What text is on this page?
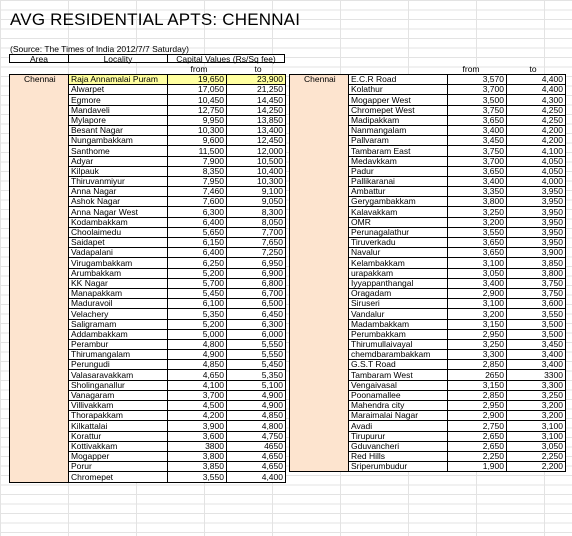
AVG RESIDENTIAL APTS: CHENNAI
(Source: The Times of India 2012/7/7 Saturday)
Area	Locality	Capital Values (Rs/Sq fee)
from	to	from	to
Chennai	Raja Annamalai Puram	19,650	23,900
	Alwarpet	17,050	21,250
	Egmore	10,450	14,450
	Mandaveli	12,750	14,250
	Mylapore	9,950	13,850
	Besant Nagar	10,300	13,400
	Nungambakkam	9,600	12,450
	Santhome	11,500	12,000
	Adyar	7,900	10,500
	Kilpauk	8,350	10,400
	Thiruvanmiyur	7,950	10,300
	Anna Nagar	7,460	9,100
	Ashok Nagar	7,600	9,050
	Anna Nagar West	6,300	8,300
	Kodambakkam	6,400	8,050
	Choolaimedu	5,650	7,700
	Saidapet	6,150	7,650
	Vadapalani	6,400	7,250
	Virugambakkam	6,250	6,950
	Arumbakkam	5,200	6,900
	KK Nagar	5,700	6,800
	Manapakkam	5,450	6,700
	Maduravoil	6,100	6,500
	Velachery	5,350	6,450
	Saligramam	5,200	6,300
	Addambakkam	5,000	6,000
	Perambur	4,800	5,550
	Thirumangalam	4,900	5,550
	Perungudi	4,850	5,450
	Valasaravakkam	4,650	5,350
	Sholinganallur	4,100	5,100
	Vanagaram	3,700	4,900
	Villivakkam	4,500	4,900
	Thorapakkam	4,200	4,850
	Kilkattalai	3,900	4,800
	Korattur	3,600	4,750
	Kottivakkam	3800	4650
	Mogapper	3,800	4,650
	Porur	3,850	4,650
	Chromepet	3,550	4,400
Chennai	E.C.R Road	3,570	4,400
	Kolathur	3,700	4,400
	Mogapper West	3,500	4,300
	Chromepet West	3,750	4,250
	Madipakkam	3,650	4,250
	Nanmangalam	3,400	4,200
	Pallvaram	3,450	4,200
	Tambaram East	3,750	4,100
	Medavkkam	3,700	4,050
	Padur	3,650	4,050
	Pallikaranai	3,400	4,000
	Ambattur	3,350	3,950
	Gerygambakkam	3,800	3,950
	Kalavakkam	3,250	3,950
	OMR	3,200	3,950
	Perunagalathur	3,550	3,950
	Tiruverkadu	3,650	3,950
	Navalur	3,650	3,900
	Kelambakkam	3,100	3,850
	urapakkam	3,050	3,800
	Iyyappanthangal	3,400	3,750
	Oragadam	2,900	3,750
	Siruseri	3,100	3,600
	Vandalur	3,200	3,550
	Madambakkam	3,150	3,500
	Perumbakkam	2,950	3,500
	Thirumullaivayal	3,250	3,450
	chemdbarambakkam	3,300	3,400
	G.S.T Road	2,850	3,400
	Tambaram West	2650	3300
	Vengaivasal	3,150	3,300
	Poonamallee	2,850	3,250
	Mahendra city	2,950	3,200
	Maraimalai Nagar	2,900	3,200
	Avadi	2,750	3,100
	Tirupurur	2,650	3,100
	Gduvancheri	2,650	3,050
	Red Hills	2,250	2,250
	Sriperumbudur	1,900	2,200
